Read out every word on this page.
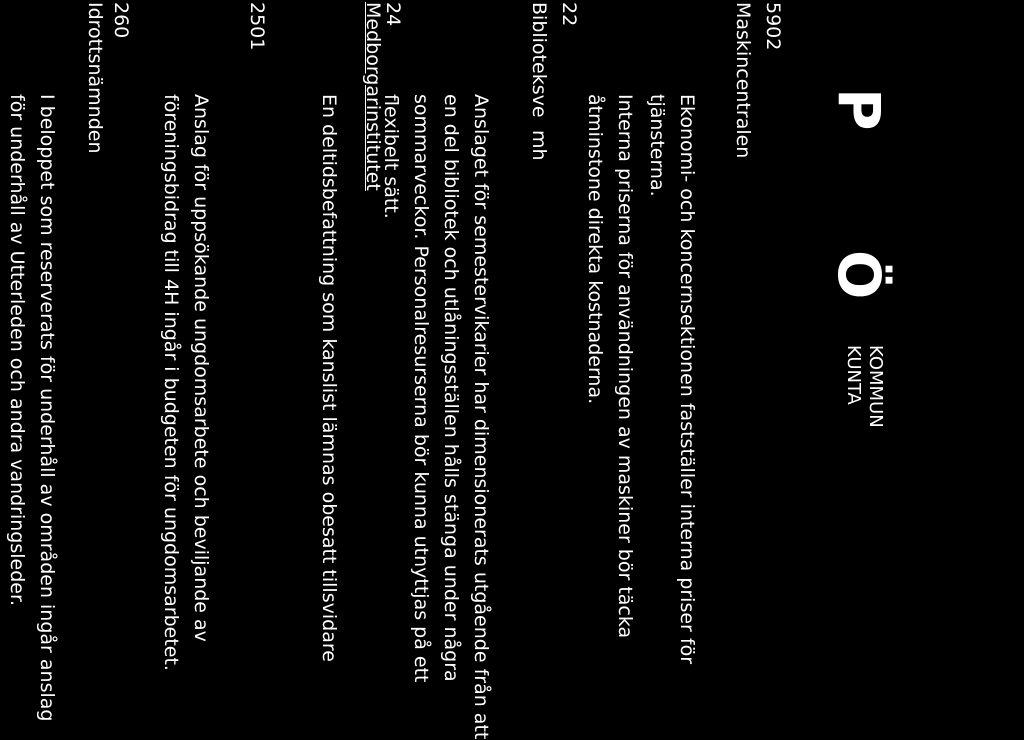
P
Ö
KOMMUN
KUNTA
5902
Maskincentralen
Ekonomi- och koncernsektionen fastställer interna priser för tjänsterna.
Interna priserna för användningen av maskiner bör täcka åtminstone direkta kostnaderna.
22
Biblioteksve
mh
Anslaget för semestervikarier har dimensionerats utgående från att en del bibliotek och utlåningsställen hålls stänga under några sommarveckor. Personalresurserna bör kunna utnyttjas på ett flexibelt sätt.
24
Medborgarinstitutet
En deltidsbefattning som kanslist lämnas obesatt tillsvidare
2501
Anslag för uppsökande ungdomsarbete och beviljande av föreningsbidrag till 4H ingår i budgeten för ungdomsarbetet.
260
Idrottsnämnden
I beloppet som reserverats för underhåll av områden ingår anslag för underhåll av Utterleden och andra vandringsleder.
